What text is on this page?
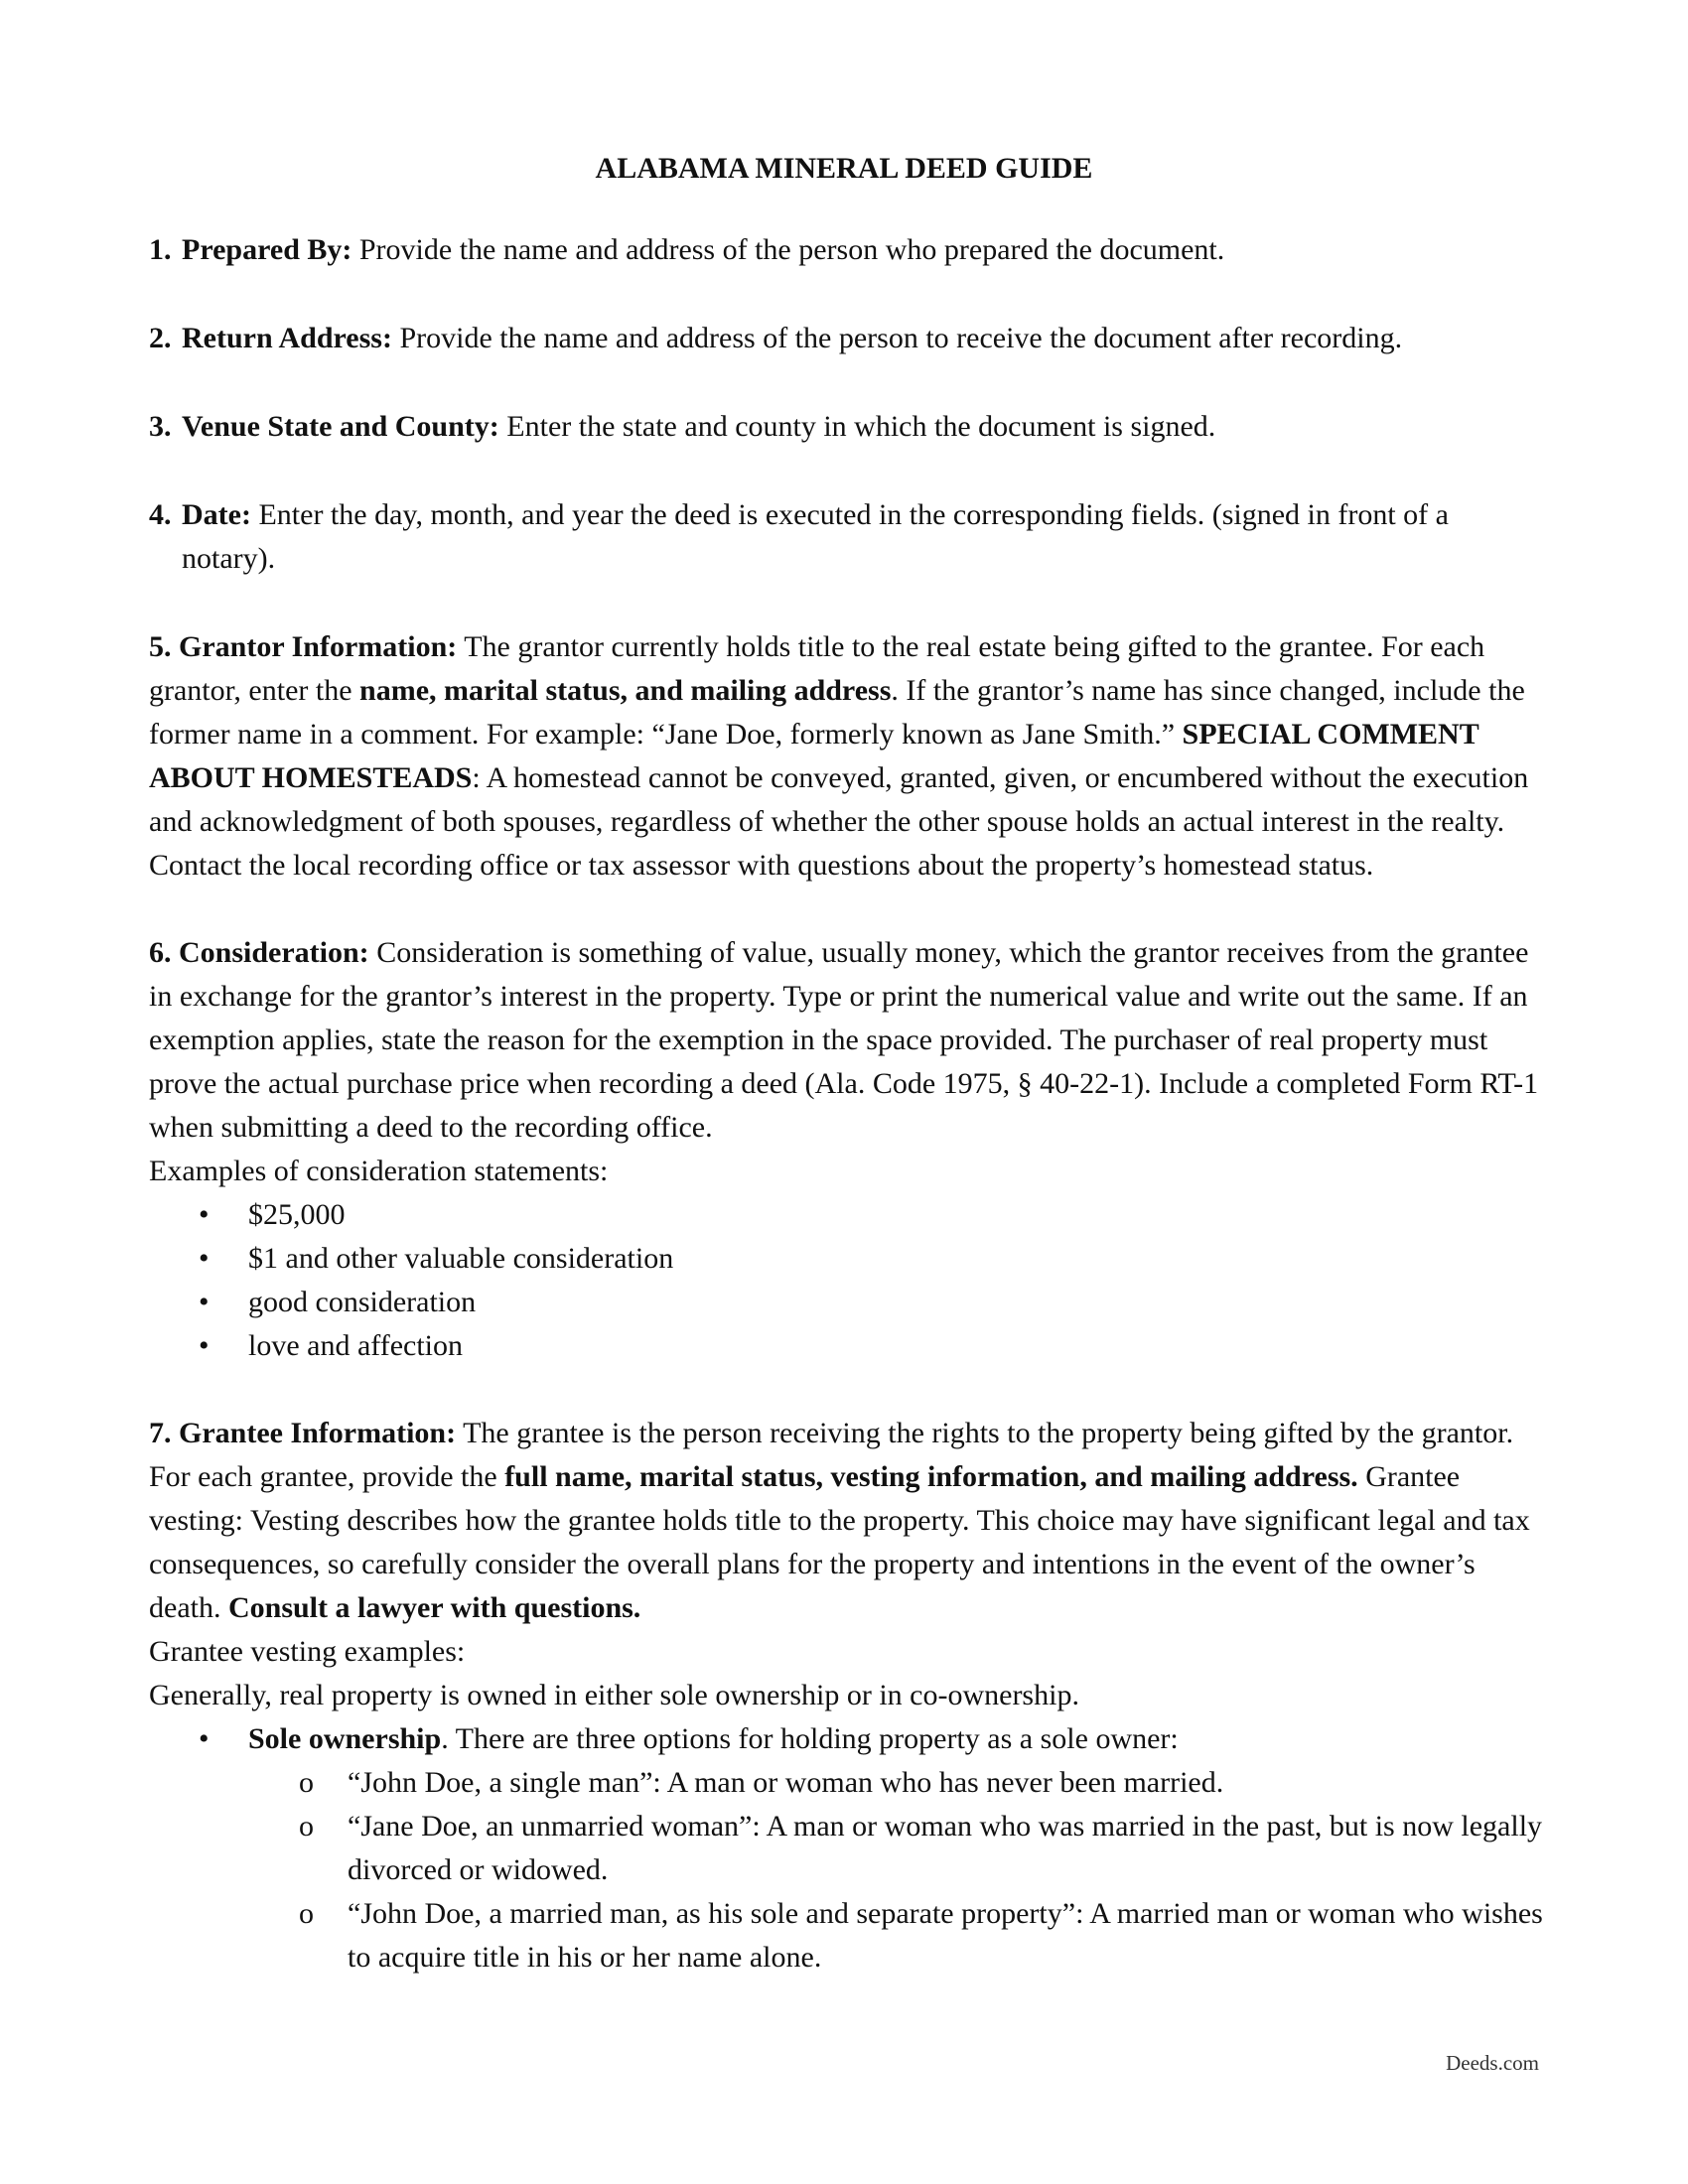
ALABAMA MINERAL DEED GUIDE
1. Prepared By: Provide the name and address of the person who prepared the document.
2. Return Address: Provide the name and address of the person to receive the document after recording.
3. Venue State and County: Enter the state and county in which the document is signed.
4. Date: Enter the day, month, and year the deed is executed in the corresponding fields. (signed in front of a notary).

5. Grantor Information: The grantor currently holds title to the real estate being gifted to the grantee. For each grantor, enter the name, marital status, and mailing address. If the grantor’s name has since changed, include the former name in a comment. For example: “Jane Doe, formerly known as Jane Smith.” SPECIAL COMMENT ABOUT HOMESTEADS: A homestead cannot be conveyed, granted, given, or encumbered without the execution and acknowledgment of both spouses, regardless of whether the other spouse holds an actual interest in the realty. Contact the local recording office or tax assessor with questions about the property’s homestead status.

6. Consideration: Consideration is something of value, usually money, which the grantor receives from the grantee in exchange for the grantor’s interest in the property. Type or print the numerical value and write out the same. If an exemption applies, state the reason for the exemption in the space provided. The purchaser of real property must prove the actual purchase price when recording a deed (Ala. Code 1975, § 40-22-1). Include a completed Form RT-1 when submitting a deed to the recording office.

Examples of consideration statements:

• $25,000
• $1 and other valuable consideration
• good consideration
• love and affection

7. Grantee Information: The grantee is the person receiving the rights to the property being gifted by the grantor. For each grantee, provide the full name, marital status, vesting information, and mailing address. Grantee vesting: Vesting describes how the grantee holds title to the property. This choice may have significant legal and tax consequences, so carefully consider the overall plans for the property and intentions in the event of the owner’s death. Consult a lawyer with questions.

Grantee vesting examples:

Generally, real property is owned in either sole ownership or in co-ownership.

• Sole ownership. There are three options for holding property as a sole owner:
o “John Doe, a single man”: A man or woman who has never been married.
o “Jane Doe, an unmarried woman”: A man or woman who was married in the past, but is now legally divorced or widowed.
o “John Doe, a married man, as his sole and separate property”: A married man or woman who wishes to acquire title in his or her name alone.
Deeds.com
